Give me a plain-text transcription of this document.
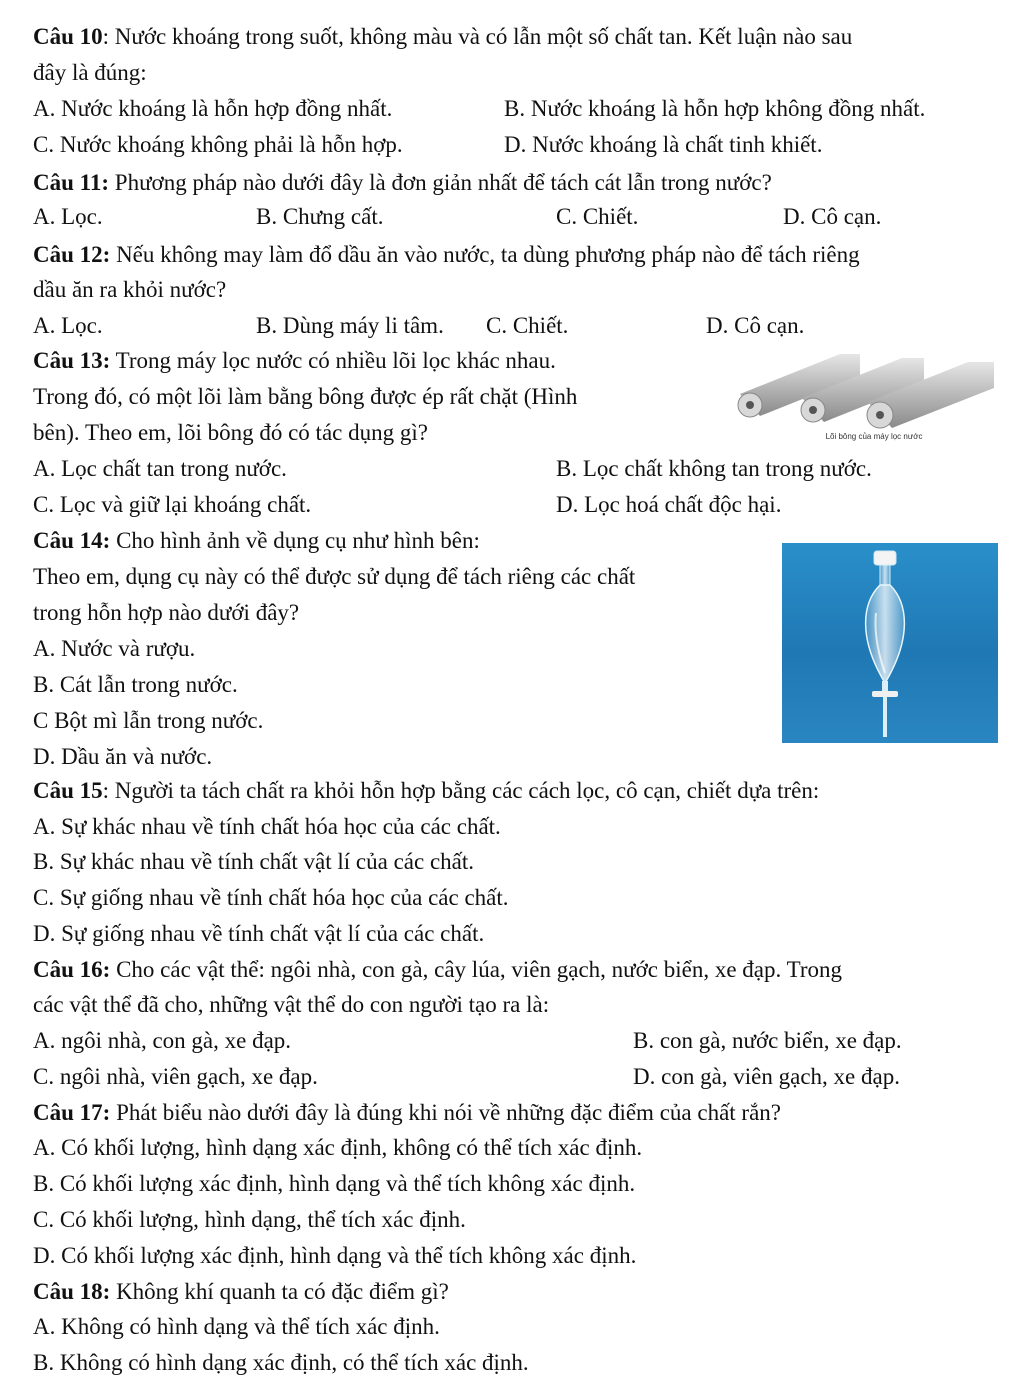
Câu 10: Nước khoáng trong suốt, không màu và có lẫn một số chất tan. Kết luận nào sau
đây là đúng:
A. Nước khoáng là hỗn hợp đồng nhất.	B. Nước khoáng là hỗn hợp không đồng nhất.
C. Nước khoáng không phải là hỗn hợp.	D. Nước khoáng là chất tinh khiết.
Câu 11: Phương pháp nào dưới đây là đơn giản nhất để tách cát lẫn trong nước?
A. Lọc.	B. Chưng cất.	C. Chiết.	D. Cô cạn.
Câu 12: Nếu không may làm đổ dầu ăn vào nước, ta dùng phương pháp nào để tách riêng
dầu ăn ra khỏi nước?
A. Lọc.	B. Dùng máy li tâm. C. Chiết.	D. Cô cạn.
Câu 13: Trong máy lọc nước có nhiều lõi lọc khác nhau.
Trong đó, có một lõi làm bằng bông được ép rất chặt (Hình
bên). Theo em, lõi bông đó có tác dụng gì?	Lõi bông của máy lọc nước
A. Lọc chất tan trong nước.	B. Lọc chất không tan trong nước.
C. Lọc và giữ lại khoáng chất.	D. Lọc hoá chất độc hại.
Câu 14: Cho hình ảnh về dụng cụ như hình bên:
Theo em, dụng cụ này có thể được sử dụng để tách riêng các chất
trong hỗn hợp nào dưới đây?
A. Nước và rượu.
B. Cát lẫn trong nước.
C Bột mì lẫn trong nước.
D. Dầu ăn và nước.
Câu 15: Người ta tách chất ra khỏi hỗn hợp bằng các cách lọc, cô cạn, chiết dựa trên:
A. Sự khác nhau về tính chất hóa học của các chất.
B. Sự khác nhau về tính chất vật lí của các chất.
C. Sự giống nhau về tính chất hóa học của các chất.
D. Sự giống nhau về tính chất vật lí của các chất.
Câu 16: Cho các vật thể: ngôi nhà, con gà, cây lúa, viên gạch, nước biển, xe đạp. Trong
các vật thể đã cho, những vật thể do con người tạo ra là:
A. ngôi nhà, con gà, xe đạp.	B. con gà, nước biển, xe đạp.
C. ngôi nhà, viên gạch, xe đạp.	D. con gà, viên gạch, xe đạp.
Câu 17: Phát biểu nào dưới đây là đúng khi nói về những đặc điểm của chất rắn?
A. Có khối lượng, hình dạng xác định, không có thể tích xác định.
B. Có khối lượng xác định, hình dạng và thể tích không xác định.
C. Có khối lượng, hình dạng, thể tích xác định.
D. Có khối lượng xác định, hình dạng và thể tích không xác định.
Câu 18: Không khí quanh ta có đặc điểm gì?
A. Không có hình dạng và thể tích xác định.
B. Không có hình dạng xác định, có thể tích xác định.
